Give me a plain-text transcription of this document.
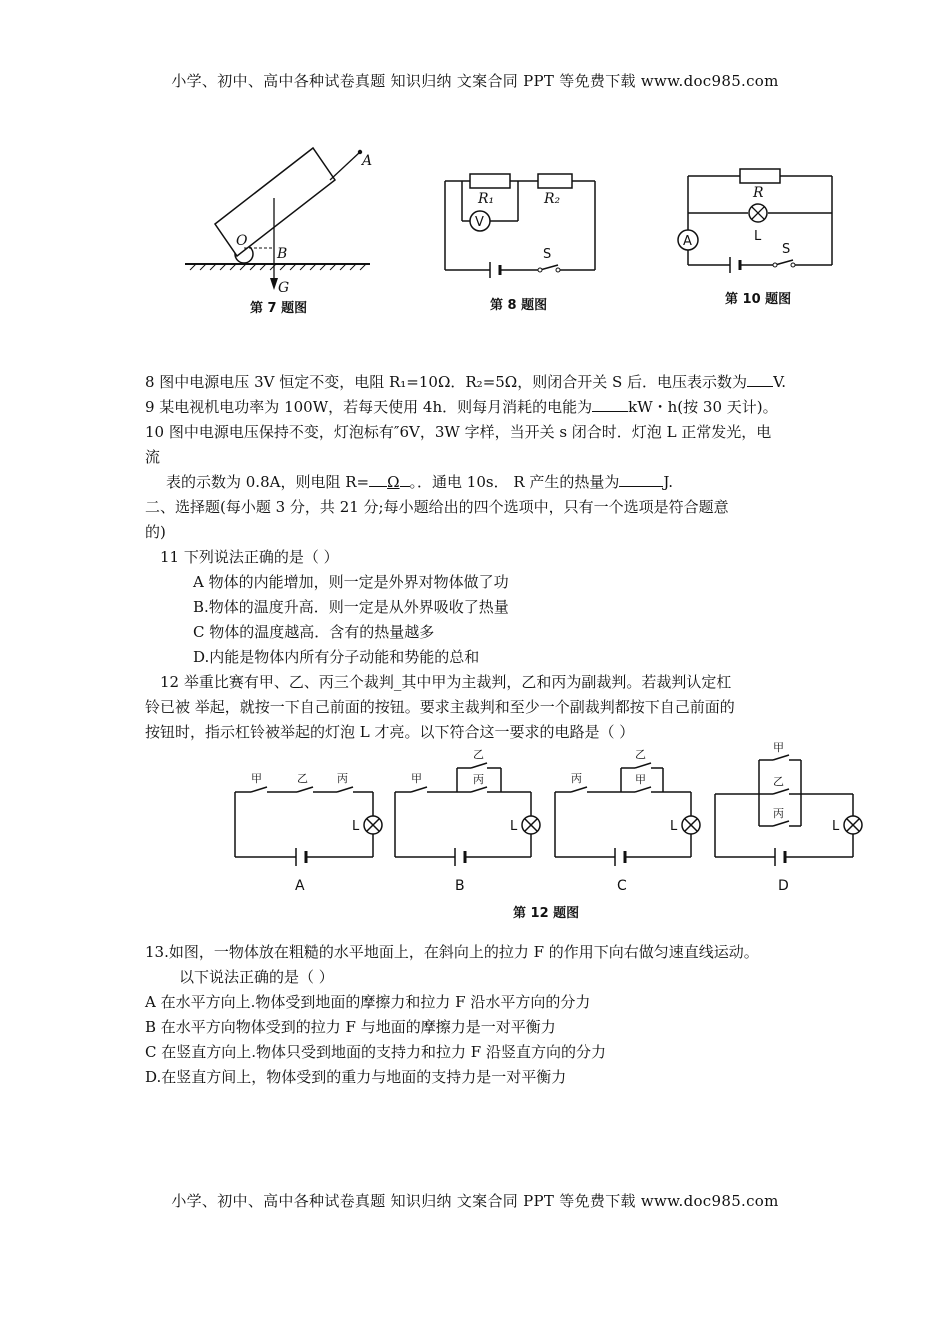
小学、初中、高中各种试卷真题 知识归纳 文案合同 PPT 等免费下载 www.doc985.com
A
O
B
G
第 7 题图
V
R₁	R₂
S
第 8 题图
A
R
L
S
第 10 题图
8 图中电源电压 3V 恒定不变，电阻 R₁=10Ω．R₂=5Ω，则闭合开关 S 后．电压表示数为 V.
9 某电视机电功率为 100W，若每天使用 4h．则每月消耗的电能为 kW・h(按 30 天计)。
10 图中电源电压保持不变，灯泡标有″6V，3W 字样，当开关 s 闭合时．灯泡 L 正常发光，电
流
表的示数为 0.8A，则电阻 R= Ω 。．通电 10s． R 产生的热量为	J.
二、选择题(每小题 3 分，共 21 分;每小题给出的四个选项中，只有一个选项是符合题意
的)
11 下列说法正确的是（ ）
A 物体的内能增加，则一定是外界对物体做了功
B.物体的温度升高．则一定是从外界吸收了热量
C 物体的温度越高．含有的热量越多
D.内能是物体内所有分子动能和势能的总和
12 举重比赛有甲、乙、丙三个裁判_其中甲为主裁判，乙和丙为副裁判。若裁判认定杠
铃已被 举起，就按一下自己前面的按钮。要求主裁判和至少一个副裁判都按下自己前面的
按钮时，指示杠铃被举起的灯泡 L 才亮。以下符合这一要求的电路是（ ）
甲	乙	丙	甲
乙
丙	丙
乙
甲
甲
乙
丙
L	L	L	L
A	B	C	D
第 12 题图
13.如图，一物体放在粗糙的水平地面上，在斜向上的拉力 F 的作用下向右做匀速直线运动。
以下说法正确的是（ ）
A 在水平方向上.物体受到地面的摩擦力和拉力 F 沿水平方向的分力
B 在水平方向物体受到的拉力 F 与地面的摩擦力是一对平衡力
C 在竖直方向上.物体只受到地面的支持力和拉力 F 沿竖直方向的分力
D.在竖直方间上，物体受到的重力与地面的支持力是一对平衡力
小学、初中、高中各种试卷真题 知识归纳 文案合同 PPT 等免费下载 www.doc985.com
